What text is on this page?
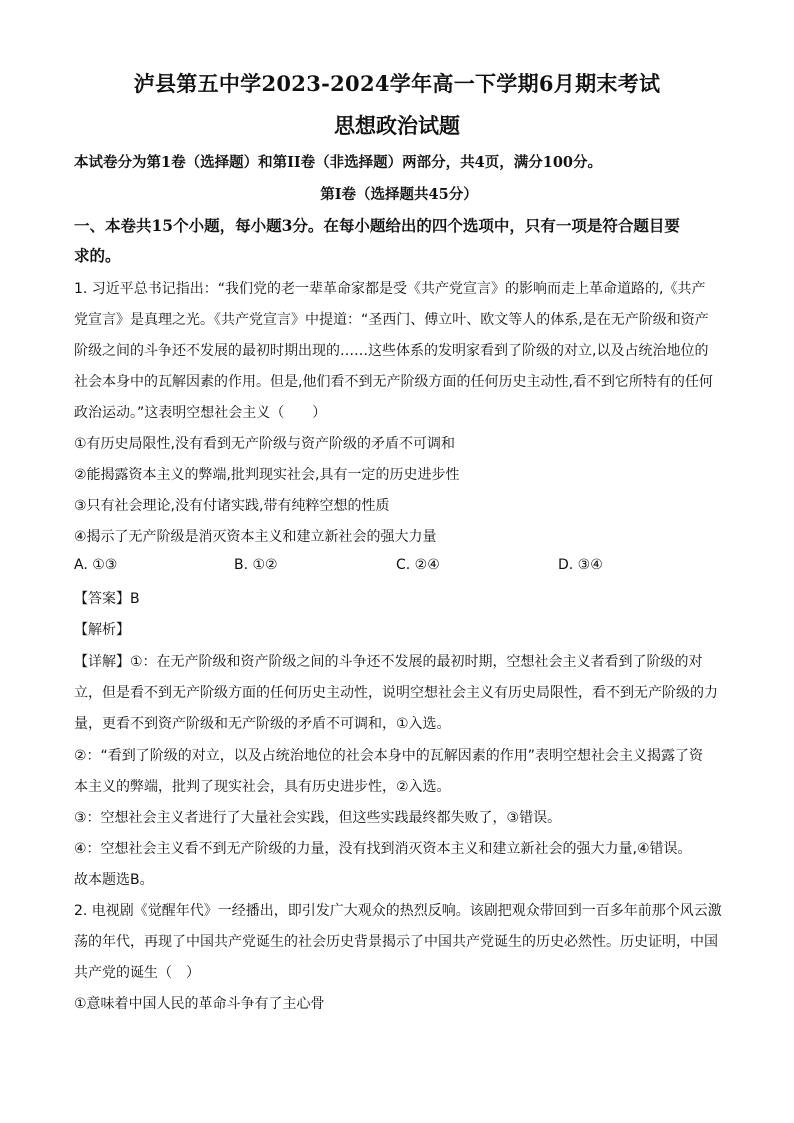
泸县第五中学2023-2024学年高一下学期6月期末考试
思想政治试题
本试卷分为第1卷（选择题）和第II卷（非选择题）两部分，共4页，满分100分。
第I卷（选择题共45分）
一、本卷共15个小题，每小题3分。在每小题给出的四个选项中，只有一项是符合题目要
求的。
1. 习近平总书记指出：“我们党的老一辈革命家都是受《共产党宣言》的影响而走上革命道路的,《共产
党宣言》是真理之光。《共产党宣言》中提道：“圣西门、傅立叶、欧文等人的体系,是在无产阶级和资产
阶级之间的斗争还不发展的最初时期出现的……这些体系的发明家看到了阶级的对立,以及占统治地位的
社会本身中的瓦解因素的作用。但是,他们看不到无产阶级方面的任何历史主动性,看不到它所特有的任何
政治运动。”这表明空想社会主义（　　）
①有历史局限性,没有看到无产阶级与资产阶级的矛盾不可调和
②能揭露资本主义的弊端,批判现实社会,具有一定的历史进步性
③只有社会理论,没有付诸实践,带有纯粹空想的性质
④揭示了无产阶级是消灭资本主义和建立新社会的强大力量
A. ①③	B. ①②	C. ②④	D. ③④
【答案】B
【解析】
【详解】①：在无产阶级和资产阶级之间的斗争还不发展的最初时期，空想社会主义者看到了阶级的对
立，但是看不到无产阶级方面的任何历史主动性，说明空想社会主义有历史局限性，看不到无产阶级的力
量，更看不到资产阶级和无产阶级的矛盾不可调和，①入选。
②：“看到了阶级的对立，以及占统治地位的社会本身中的瓦解因素的作用”表明空想社会主义揭露了资
本主义的弊端，批判了现实社会，具有历史进步性，②入选。
③：空想社会主义者进行了大量社会实践，但这些实践最终都失败了，③错误。
④：空想社会主义看不到无产阶级的力量，没有找到消灭资本主义和建立新社会的强大力量,④错误。
故本题选B。
2. 电视剧《觉醒年代》一经播出，即引发广大观众的热烈反响。该剧把观众带回到一百多年前那个风云激
荡的年代，再现了中国共产党诞生的社会历史背景揭示了中国共产党诞生的历史必然性。历史证明，中国
共产党的诞生（　）
①意味着中国人民的革命斗争有了主心骨
